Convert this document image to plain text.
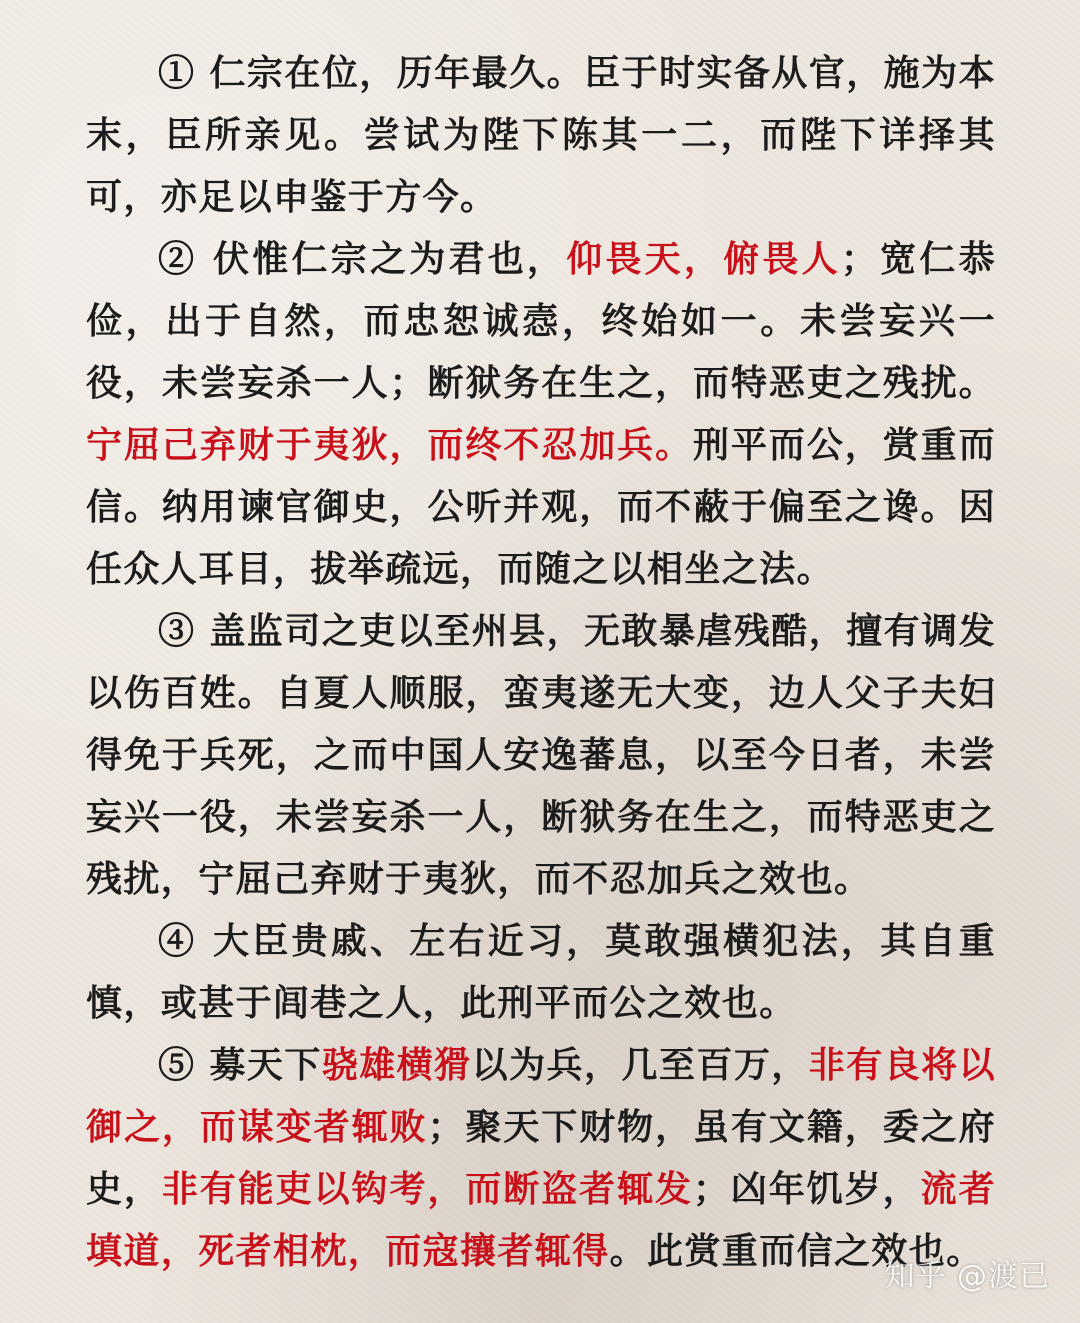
① 仁宗在位，历年最久。臣于时实备从官，施为本末，臣所亲见。尝试为陛下陈其一二，而陛下详择其可，亦足以申鉴于方今。

② 伏惟仁宗之为君也，仰畏天，俯畏人；宽仁恭俭，出于自然，而忠恕诚悫，终始如一。未尝妄兴一役，未尝妄杀一人；断狱务在生之，而特恶吏之残扰。宁屈己弃财于夷狄，而终不忍加兵。刑平而公，赏重而信。纳用谏官御史，公听并观，而不蔽于偏至之谗。因任众人耳目，拔举疏远，而随之以相坐之法。

③ 盖监司之吏以至州县，无敢暴虐残酷，擅有调发以伤百姓。自夏人顺服，蛮夷遂无大变，边人父子夫妇得免于兵死，之而中国人安逸蕃息，以至今日者，未尝妄兴一役，未尝妄杀一人，断狱务在生之，而特恶吏之残扰，宁屈己弃财于夷狄，而不忍加兵之效也。

④ 大臣贵戚、左右近习，莫敢强横犯法，其自重慎，或甚于闾巷之人，此刑平而公之效也。

⑤ 募天下骁雄横猾以为兵，几至百万，非有良将以御之，而谋变者辄败；聚天下财物，虽有文籍，委之府史，非有能吏以钩考，而断盗者辄发；凶年饥岁，流者填道，死者相枕，而寇攘者辄得。此赏重而信之效也。

知乎 @渡已
